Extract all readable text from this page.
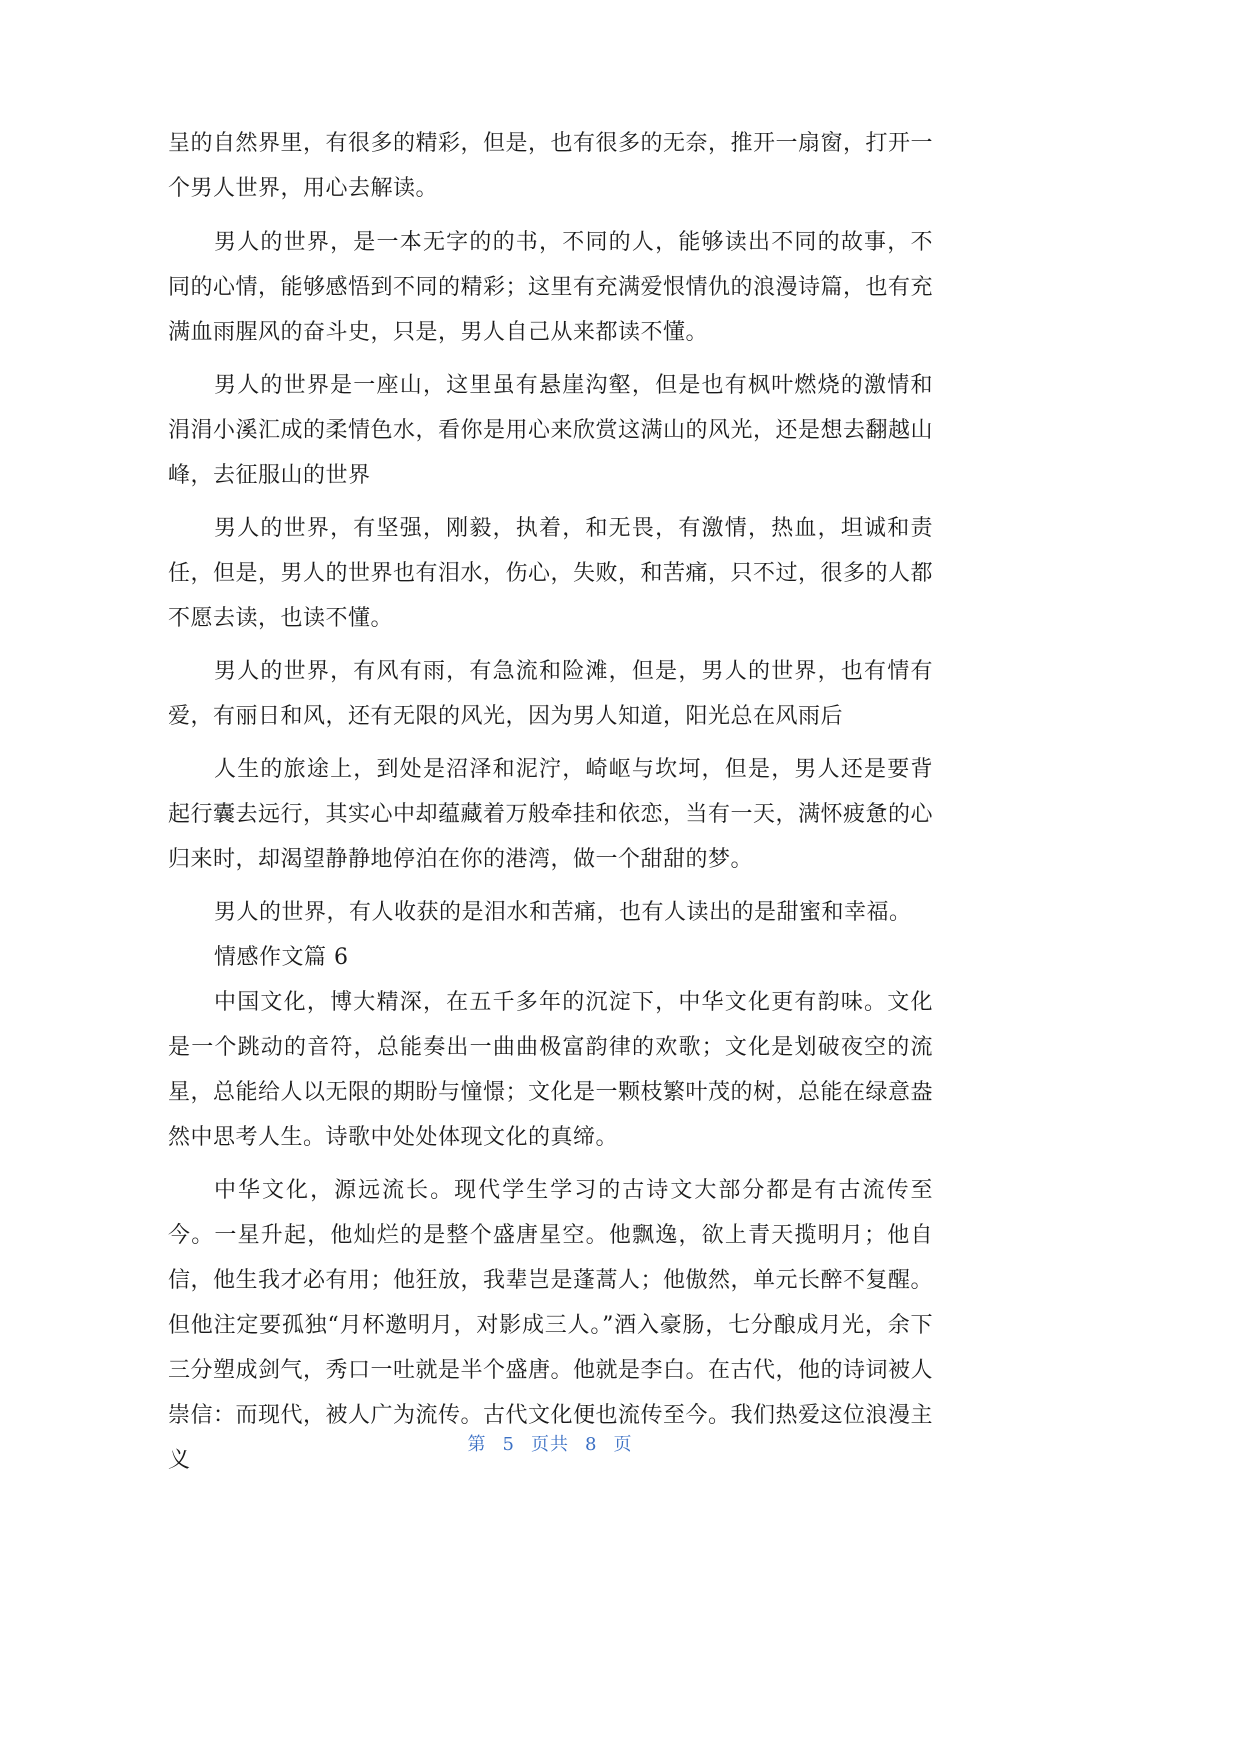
呈的自然界里，有很多的精彩，但是，也有很多的无奈，推开一扇窗，打开一个男人世界，用心去解读。

男人的世界，是一本无字的的书，不同的人，能够读出不同的故事，不同的心情，能够感悟到不同的精彩；这里有充满爱恨情仇的浪漫诗篇，也有充满血雨腥风的奋斗史，只是，男人自己从来都读不懂。

男人的世界是一座山，这里虽有悬崖沟壑，但是也有枫叶燃烧的激情和涓涓小溪汇成的柔情色水，看你是用心来欣赏这满山的风光，还是想去翻越山峰，去征服山的世界

男人的世界，有坚强，刚毅，执着，和无畏，有激情，热血，坦诚和责任，但是，男人的世界也有泪水，伤心，失败，和苦痛，只不过，很多的人都不愿去读，也读不懂。

男人的世界，有风有雨，有急流和险滩，但是，男人的世界，也有情有爱，有丽日和风，还有无限的风光，因为男人知道，阳光总在风雨后

人生的旅途上，到处是沼泽和泥泞，崎岖与坎坷，但是，男人还是要背起行囊去远行，其实心中却蕴藏着万般牵挂和依恋，当有一天，满怀疲惫的心归来时，却渴望静静地停泊在你的港湾，做一个甜甜的梦。

男人的世界，有人收获的是泪水和苦痛，也有人读出的是甜蜜和幸福。

情感作文篇 6

中国文化，博大精深，在五千多年的沉淀下，中华文化更有韵味。文化是一个跳动的音符，总能奏出一曲曲极富韵律的欢歌；文化是划破夜空的流星，总能给人以无限的期盼与憧憬；文化是一颗枝繁叶茂的树，总能在绿意盎然中思考人生。诗歌中处处体现文化的真缔。

中华文化，源远流长。现代学生学习的古诗文大部分都是有古流传至今。一星升起，他灿烂的是整个盛唐星空。他飘逸，欲上青天揽明月；他自信，他生我才必有用；他狂放，我辈岂是蓬蒿人；他傲然，单元长醉不复醒。但他注定要孤独“月杯邀明月，对影成三人。”酒入豪肠，七分酿成月光，余下三分塑成剑气，秀口一吐就是半个盛唐。他就是李白。在古代，他的诗词被人崇信：而现代，被人广为流传。古代文化便也流传至今。我们热爱这位浪漫主义

第 5 页共 8 页
